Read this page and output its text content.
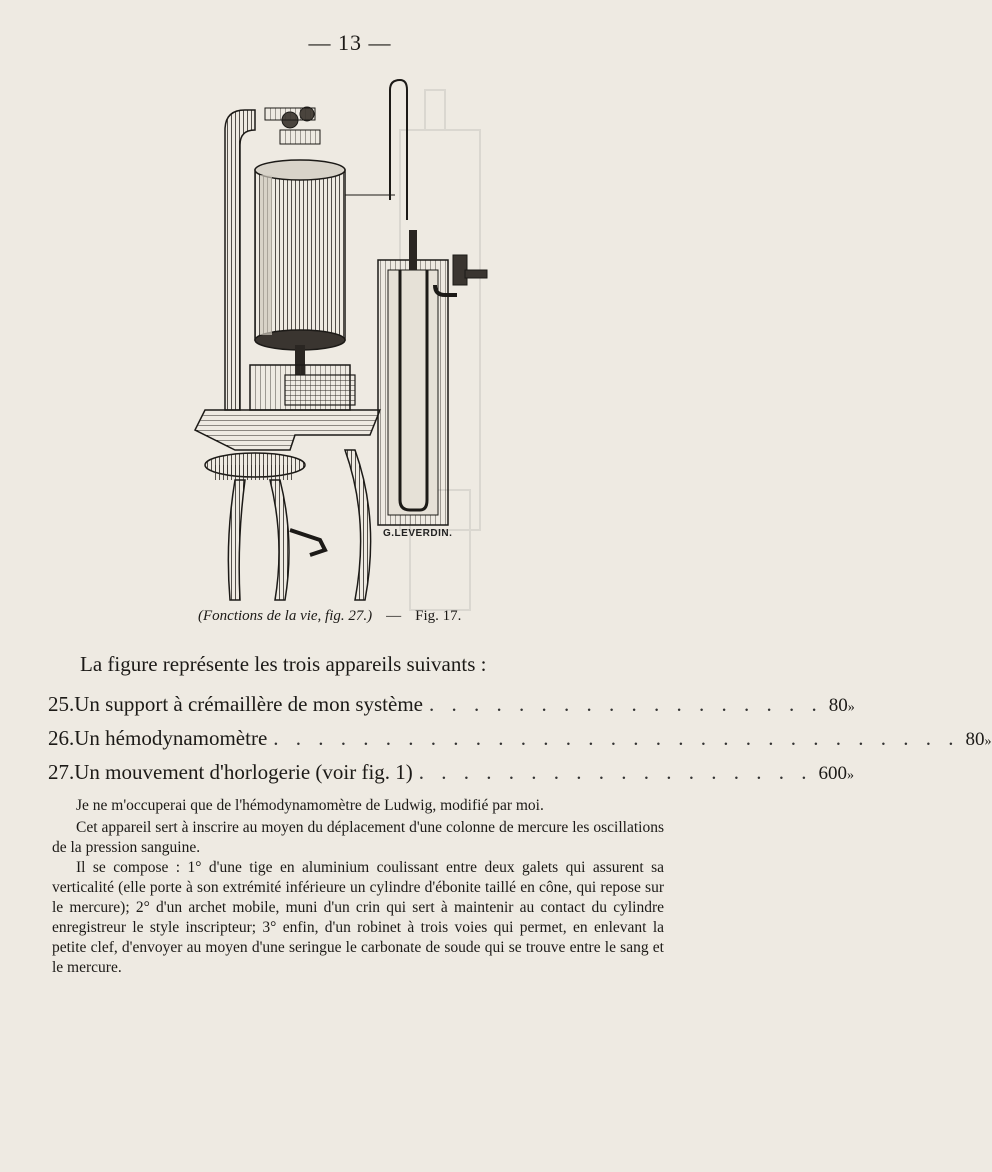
— 13 —
G.LEVERDIN.
(Fonctions de la vie, fig. 27.) — Fig. 17.
La figure représente les trois appareils suivants :
25. Un support à crémaillère de mon système . . . . . . . . . . . . . . . . . . 80 »
26. Un hémodynamomètre . . . . . . . . . . . . . . . . . . . . . . . . . . . . . . . 80 »
27. Un mouvement d'horlogerie (voir fig. 1) . . . . . . . . . . . . . . . . . . 600 »

Je ne m'occuperai que de l'hémodynamomètre de Ludwig, modifié par moi.

Cet appareil sert à inscrire au moyen du déplacement d'une colonne de mercure les oscillations de la pression sanguine.

Il se compose : 1° d'une tige en aluminium coulissant entre deux galets qui assurent sa verticalité (elle porte à son extrémité inférieure un cylindre d'ébonite taillé en cône, qui repose sur le mercure); 2° d'un archet mobile, muni d'un crin qui sert à maintenir au contact du cylindre enregistreur le style inscripteur; 3° enfin, d'un robinet à trois voies qui permet, en enlevant la petite clef, d'envoyer au moyen d'une seringue le carbonate de soude qui se trouve entre le sang et le mercure.
